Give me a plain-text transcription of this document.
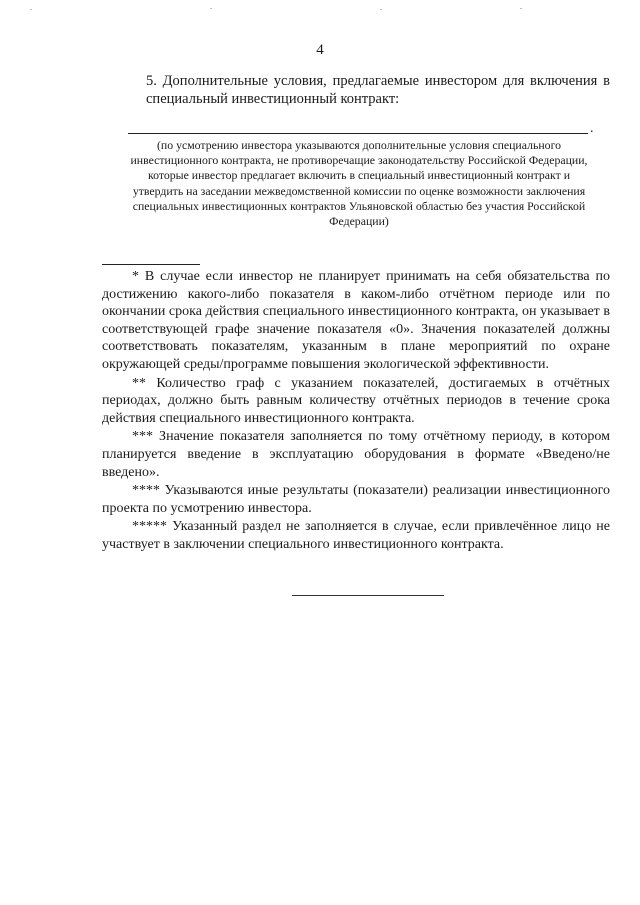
4
5. Дополнительные условия, предлагаемые инвестором для включения в специальный инвестиционный контракт:
.
(по усмотрению инвестора указываются дополнительные условия специального инвестиционного контракта, не противоречащие законодательству Российской Федерации, которые инвестор предлагает включить в специальный инвестиционный контракт и утвердить на заседании межведомственной комиссии по оценке возможности заключения специальных инвестиционных контрактов Ульяновской областью без участия Российской Федерации)

* В случае если инвестор не планирует принимать на себя обязательства по достижению какого-либо показателя в каком-либо отчётном периоде или по окончании срока действия специального инвестиционного контракта, он указывает в соответствующей графе значение показателя «0». Значения показателей должны соответствовать показателям, указанным в плане мероприятий по охране окружающей среды/программе повышения экологической эффективности.

** Количество граф с указанием показателей, достигаемых в отчётных периодах, должно быть равным количеству отчётных периодов в течение срока действия специального инвестиционного контракта.

*** Значение показателя заполняется по тому отчётному периоду, в котором планируется введение в эксплуатацию оборудования в формате «Введено/не введено».

**** Указываются иные результаты (показатели) реализации инвестиционного проекта по усмотрению инвестора.

***** Указанный раздел не заполняется в случае, если привлечённое лицо не участвует в заключении специального инвестиционного контракта.
